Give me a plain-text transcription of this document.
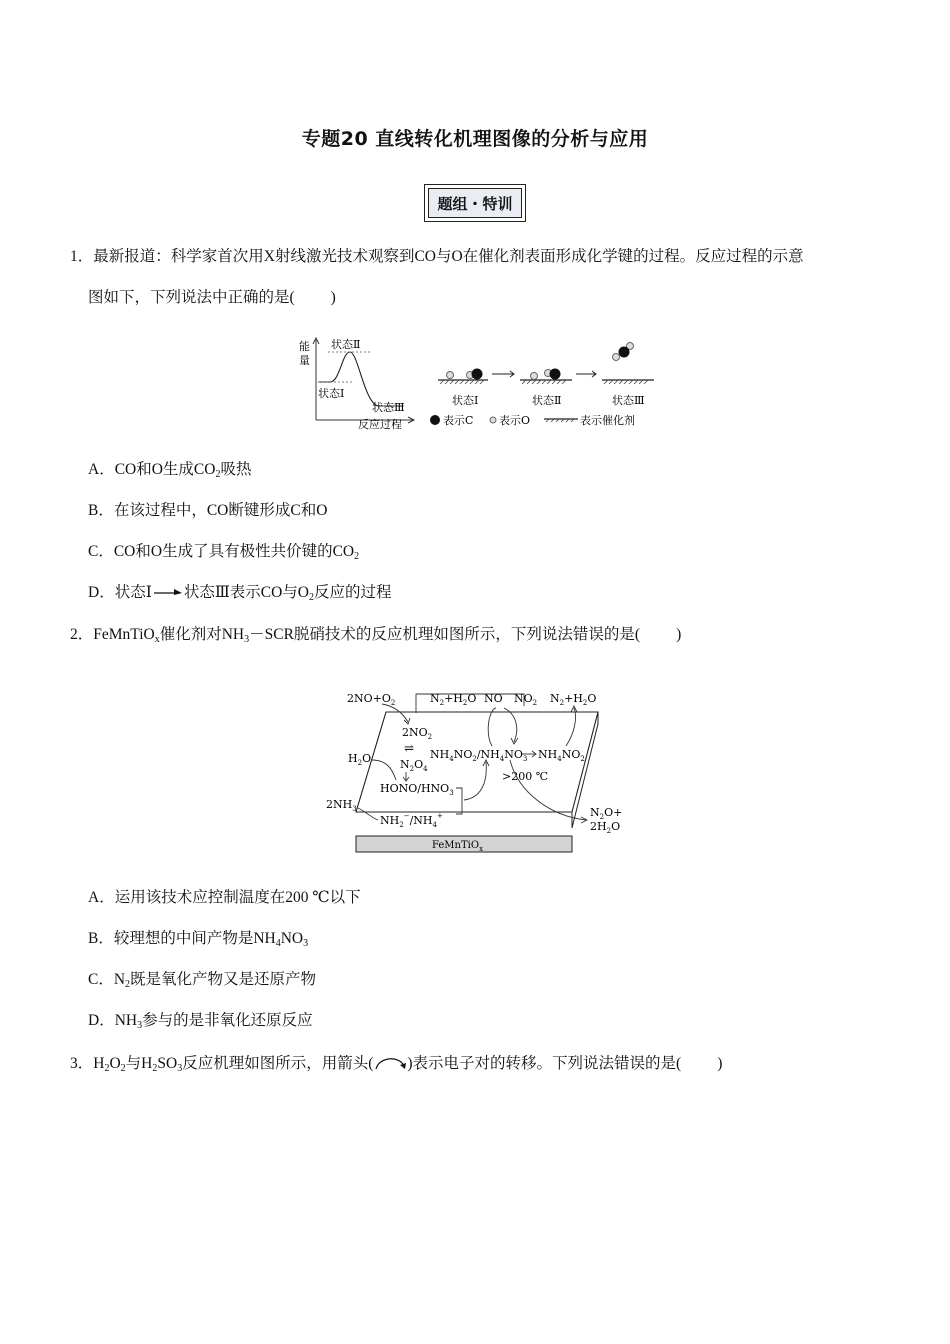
专题20 直线转化机理图像的分析与应用
题组・特训
1．最新报道：科学家首次用X射线激光技术观察到CO与O在催化剂表面形成化学键的过程。反应过程的示意
图如下，下列说法中正确的是( )
能
量
状态Ⅱ
状态Ⅰ
状态Ⅲ
反应过程
状态Ⅰ	状态Ⅱ	状态Ⅲ
表示C 表示O	表示催化剂
A．CO和O生成$CO_2$吸热
B．在该过程中，CO断键形成C和O
C．CO和O生成了具有极性共价键的$CO_2$
D．状态Ⅰ 状态Ⅲ表示CO与$O_2$反应的过程
2．FeMnTiO$_x$催化剂对$NH_3-SCR$脱硝技术的反应机理如图所示，下列说法错误的是( )
FeMnTiO$_x$
$2NO+O_2$	$N_2+H_2O$ NO $NO_2$ $N_2+H_2O$
$2NO_2$
⇌
$N_2O_4$
$H_2O$
HONO/$HNO_3$
$2NH_3$
$NH_2^-/NH_4^+$
$NH_4NO_2/NH_4NO_3$ $NH_4NO_2$
>200 ℃
$N_2O+$
$2H_2O$
A．运用该技术应控制温度在200 ℃以下
B．较理想的中间产物是$NH_4NO_3$
C．$N_2$既是氧化产物又是还原产物
D．$NH_3$参与的是非氧化还原反应
3．$H_2O_2$与$H_2SO_3$反应机理如图所示，用箭头( )表示电子对的转移。下列说法错误的是( )
